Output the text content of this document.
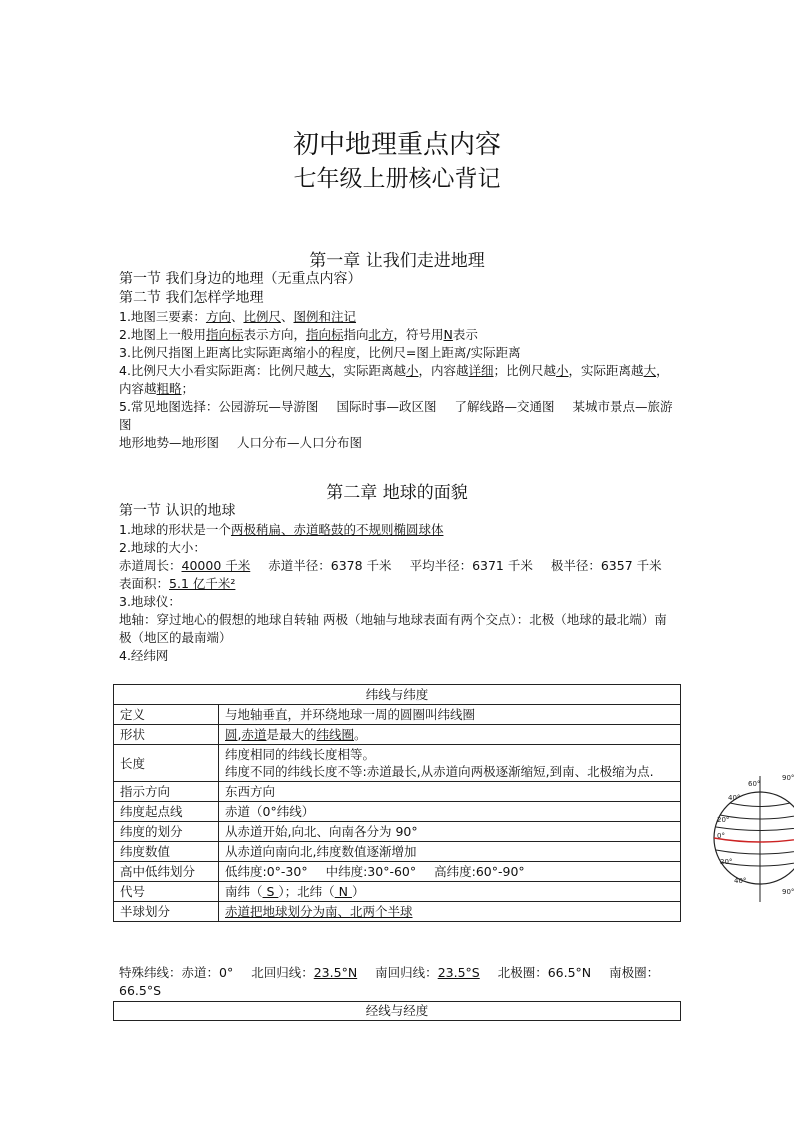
初中地理重点内容
七年级上册核心背记
第一章 让我们走进地理
第一节 我们身边的地理（无重点内容）
第二节 我们怎样学地理
1.地图三要素：方向、比例尺、图例和注记
2.地图上一般用指向标表示方向，指向标指向北方，符号用N表示
3.比例尺指图上距离比实际距离缩小的程度，比例尺=图上距离/实际距离
4.比例尺大小看实际距离：比例尺越大，实际距离越小，内容越详细；比例尺越小，实际距离越大，内容越粗略；
5.常见地图选择：公园游玩—导游图 国际时事—政区图 了解线路—交通图 某城市景点—旅游图
地形地势—地形图 人口分布—人口分布图
第二章 地球的面貌
第一节 认识的地球
1.地球的形状是一个两极稍扁、赤道略鼓的不规则椭圆球体
2.地球的大小：
赤道周长：40000 千米 赤道半径：6378 千米 平均半径：6371 千米 极半径：6357 千米
表面积：5.1 亿千米²
3.地球仪：
地轴：穿过地心的假想的地球自转轴 两极（地轴与地球表面有两个交点）：北极（地球的最北端）南极（地区的最南端）
4.经纬网
纬线与纬度	
定义	与地轴垂直，并环绕地球一周的圆圈叫纬线圈
形状	圆,赤道是最大的纬线圈。
长度	纬度相同的纬线长度相等。
纬度不同的纬线长度不等:赤道最长,从赤道向两极逐渐缩短,到南、北极缩为点.

指示方向	东西方向
纬度起点线	赤道（0°纬线）
纬度的划分	从赤道开始,向北、向南各分为 90°
纬度数值	从赤道向南向北,纬度数值逐渐增加
高中低纬划分	低纬度:0°-30° 中纬度:30°-60° 高纬度:60°-90°
代号	南纬（ S ）；北纬（ N ）
半球划分	赤道把地球划分为南、北两个半球
特殊纬线：赤道：0° 北回归线：23.5°N 南回归线：23.5°S 北极圈：66.5°N 南极圈：66.5°S
经线与经度
60°
40°
20°
0°
20°
40°
90°
90°
